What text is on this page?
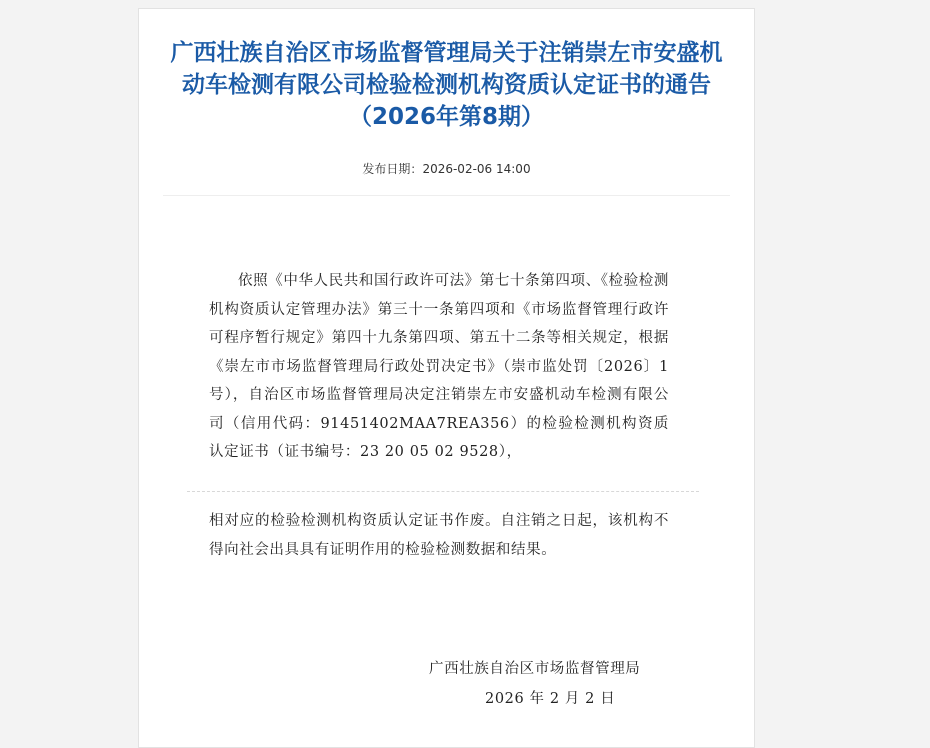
广西壮族自治区市场监督管理局关于注销崇左市安盛机动车检测有限公司检验检测机构资质认定证书的通告（2026年第8期）
发布日期：2026-02-06 14:00

依照《中华人民共和国行政许可法》第七十条第四项、《检验检测机构资质认定管理办法》第三十一条第四项和《市场监督管理行政许可程序暂行规定》第四十九条第四项、第五十二条等相关规定，根据《崇左市市场监督管理局行政处罚决定书》（崇市监处罚〔2026〕1 号），自治区市场监督管理局决定注销崇左市安盛机动车检测有限公司（信用代码：91451402MAA7REA356）的检验检测机构资质认定证书（证书编号：23 20 05 02 9528），

相对应的检验检测机构资质认定证书作废。自注销之日起，该机构不得向社会出具具有证明作用的检验检测数据和结果。

广西壮族自治区市场监督管理局
2026 年 2 月 2 日
